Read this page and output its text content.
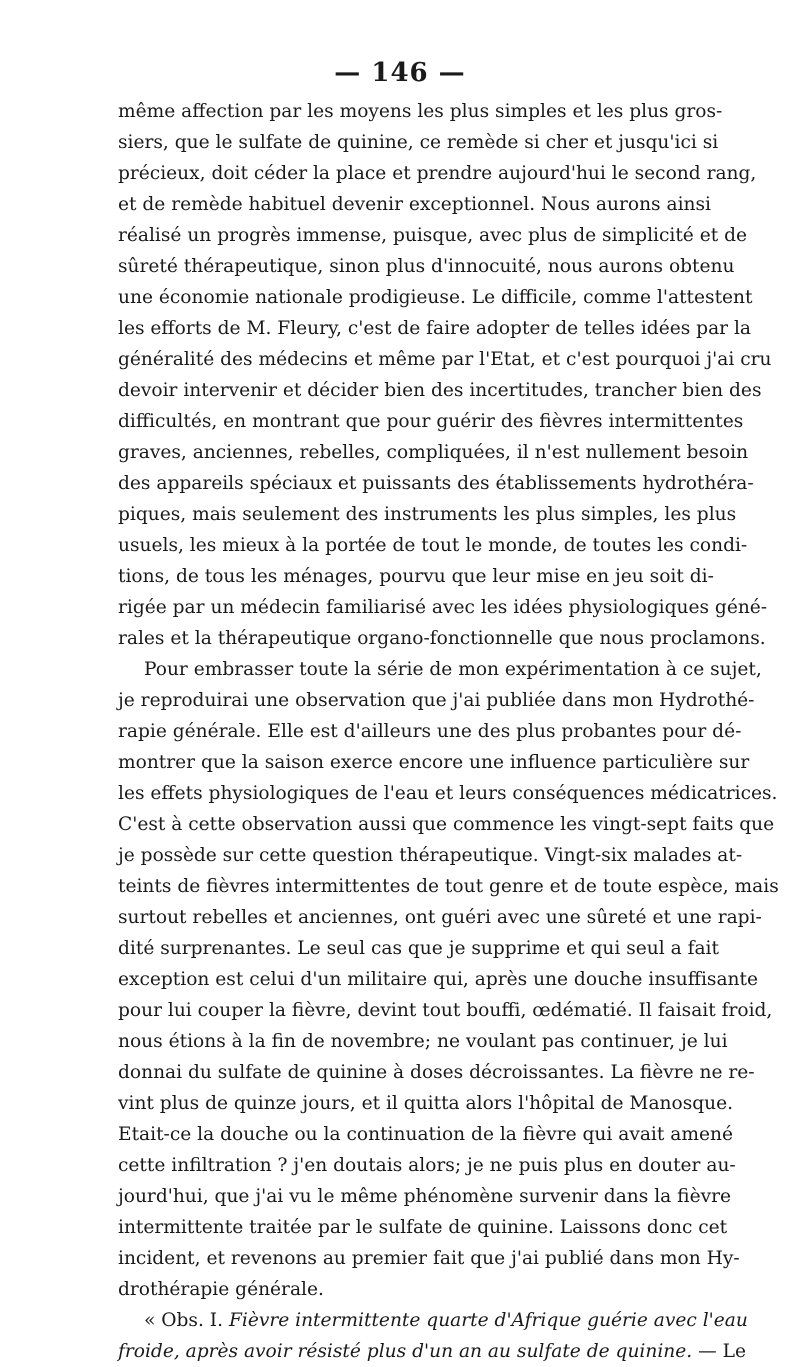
— 146 —
même affection par les moyens les plus simples et les plus gros-
siers, que le sulfate de quinine, ce remède si cher et jusqu'ici si
précieux, doit céder la place et prendre aujourd'hui le second rang,
et de remède habituel devenir exceptionnel. Nous aurons ainsi
réalisé un progrès immense, puisque, avec plus de simplicité et de
sûreté thérapeutique, sinon plus d'innocuité, nous aurons obtenu
une économie nationale prodigieuse. Le difficile, comme l'attestent
les efforts de M. Fleury, c'est de faire adopter de telles idées par la
généralité des médecins et même par l'Etat, et c'est pourquoi j'ai cru
devoir intervenir et décider bien des incertitudes, trancher bien des
difficultés, en montrant que pour guérir des fièvres intermittentes
graves, anciennes, rebelles, compliquées, il n'est nullement besoin
des appareils spéciaux et puissants des établissements hydrothéra-
piques, mais seulement des instruments les plus simples, les plus
usuels, les mieux à la portée de tout le monde, de toutes les condi-
tions, de tous les ménages, pourvu que leur mise en jeu soit di-
rigée par un médecin familiarisé avec les idées physiologiques géné-
rales et la thérapeutique organo-fonctionnelle que nous proclamons.
Pour embrasser toute la série de mon expérimentation à ce sujet,
je reproduirai une observation que j'ai publiée dans mon Hydrothé-
rapie générale. Elle est d'ailleurs une des plus probantes pour dé-
montrer que la saison exerce encore une influence particulière sur
les effets physiologiques de l'eau et leurs conséquences médicatrices.
C'est à cette observation aussi que commence les vingt-sept faits que
je possède sur cette question thérapeutique. Vingt-six malades at-
teints de fièvres intermittentes de tout genre et de toute espèce, mais
surtout rebelles et anciennes, ont guéri avec une sûreté et une rapi-
dité surprenantes. Le seul cas que je supprime et qui seul a fait
exception est celui d'un militaire qui, après une douche insuffisante
pour lui couper la fièvre, devint tout bouffi, œdématié. Il faisait froid,
nous étions à la fin de novembre; ne voulant pas continuer, je lui
donnai du sulfate de quinine à doses décroissantes. La fièvre ne re-
vint plus de quinze jours, et il quitta alors l'hôpital de Manosque.
Etait-ce la douche ou la continuation de la fièvre qui avait amené
cette infiltration ? j'en doutais alors; je ne puis plus en douter au-
jourd'hui, que j'ai vu le même phénomène survenir dans la fièvre
intermittente traitée par le sulfate de quinine. Laissons donc cet
incident, et revenons au premier fait que j'ai publié dans mon Hy-
drothérapie générale.
« Obs. I. Fièvre intermittente quarte d'Afrique guérie avec l'eau
froide, après avoir résisté plus d'un an au sulfate de quinine. — Le
